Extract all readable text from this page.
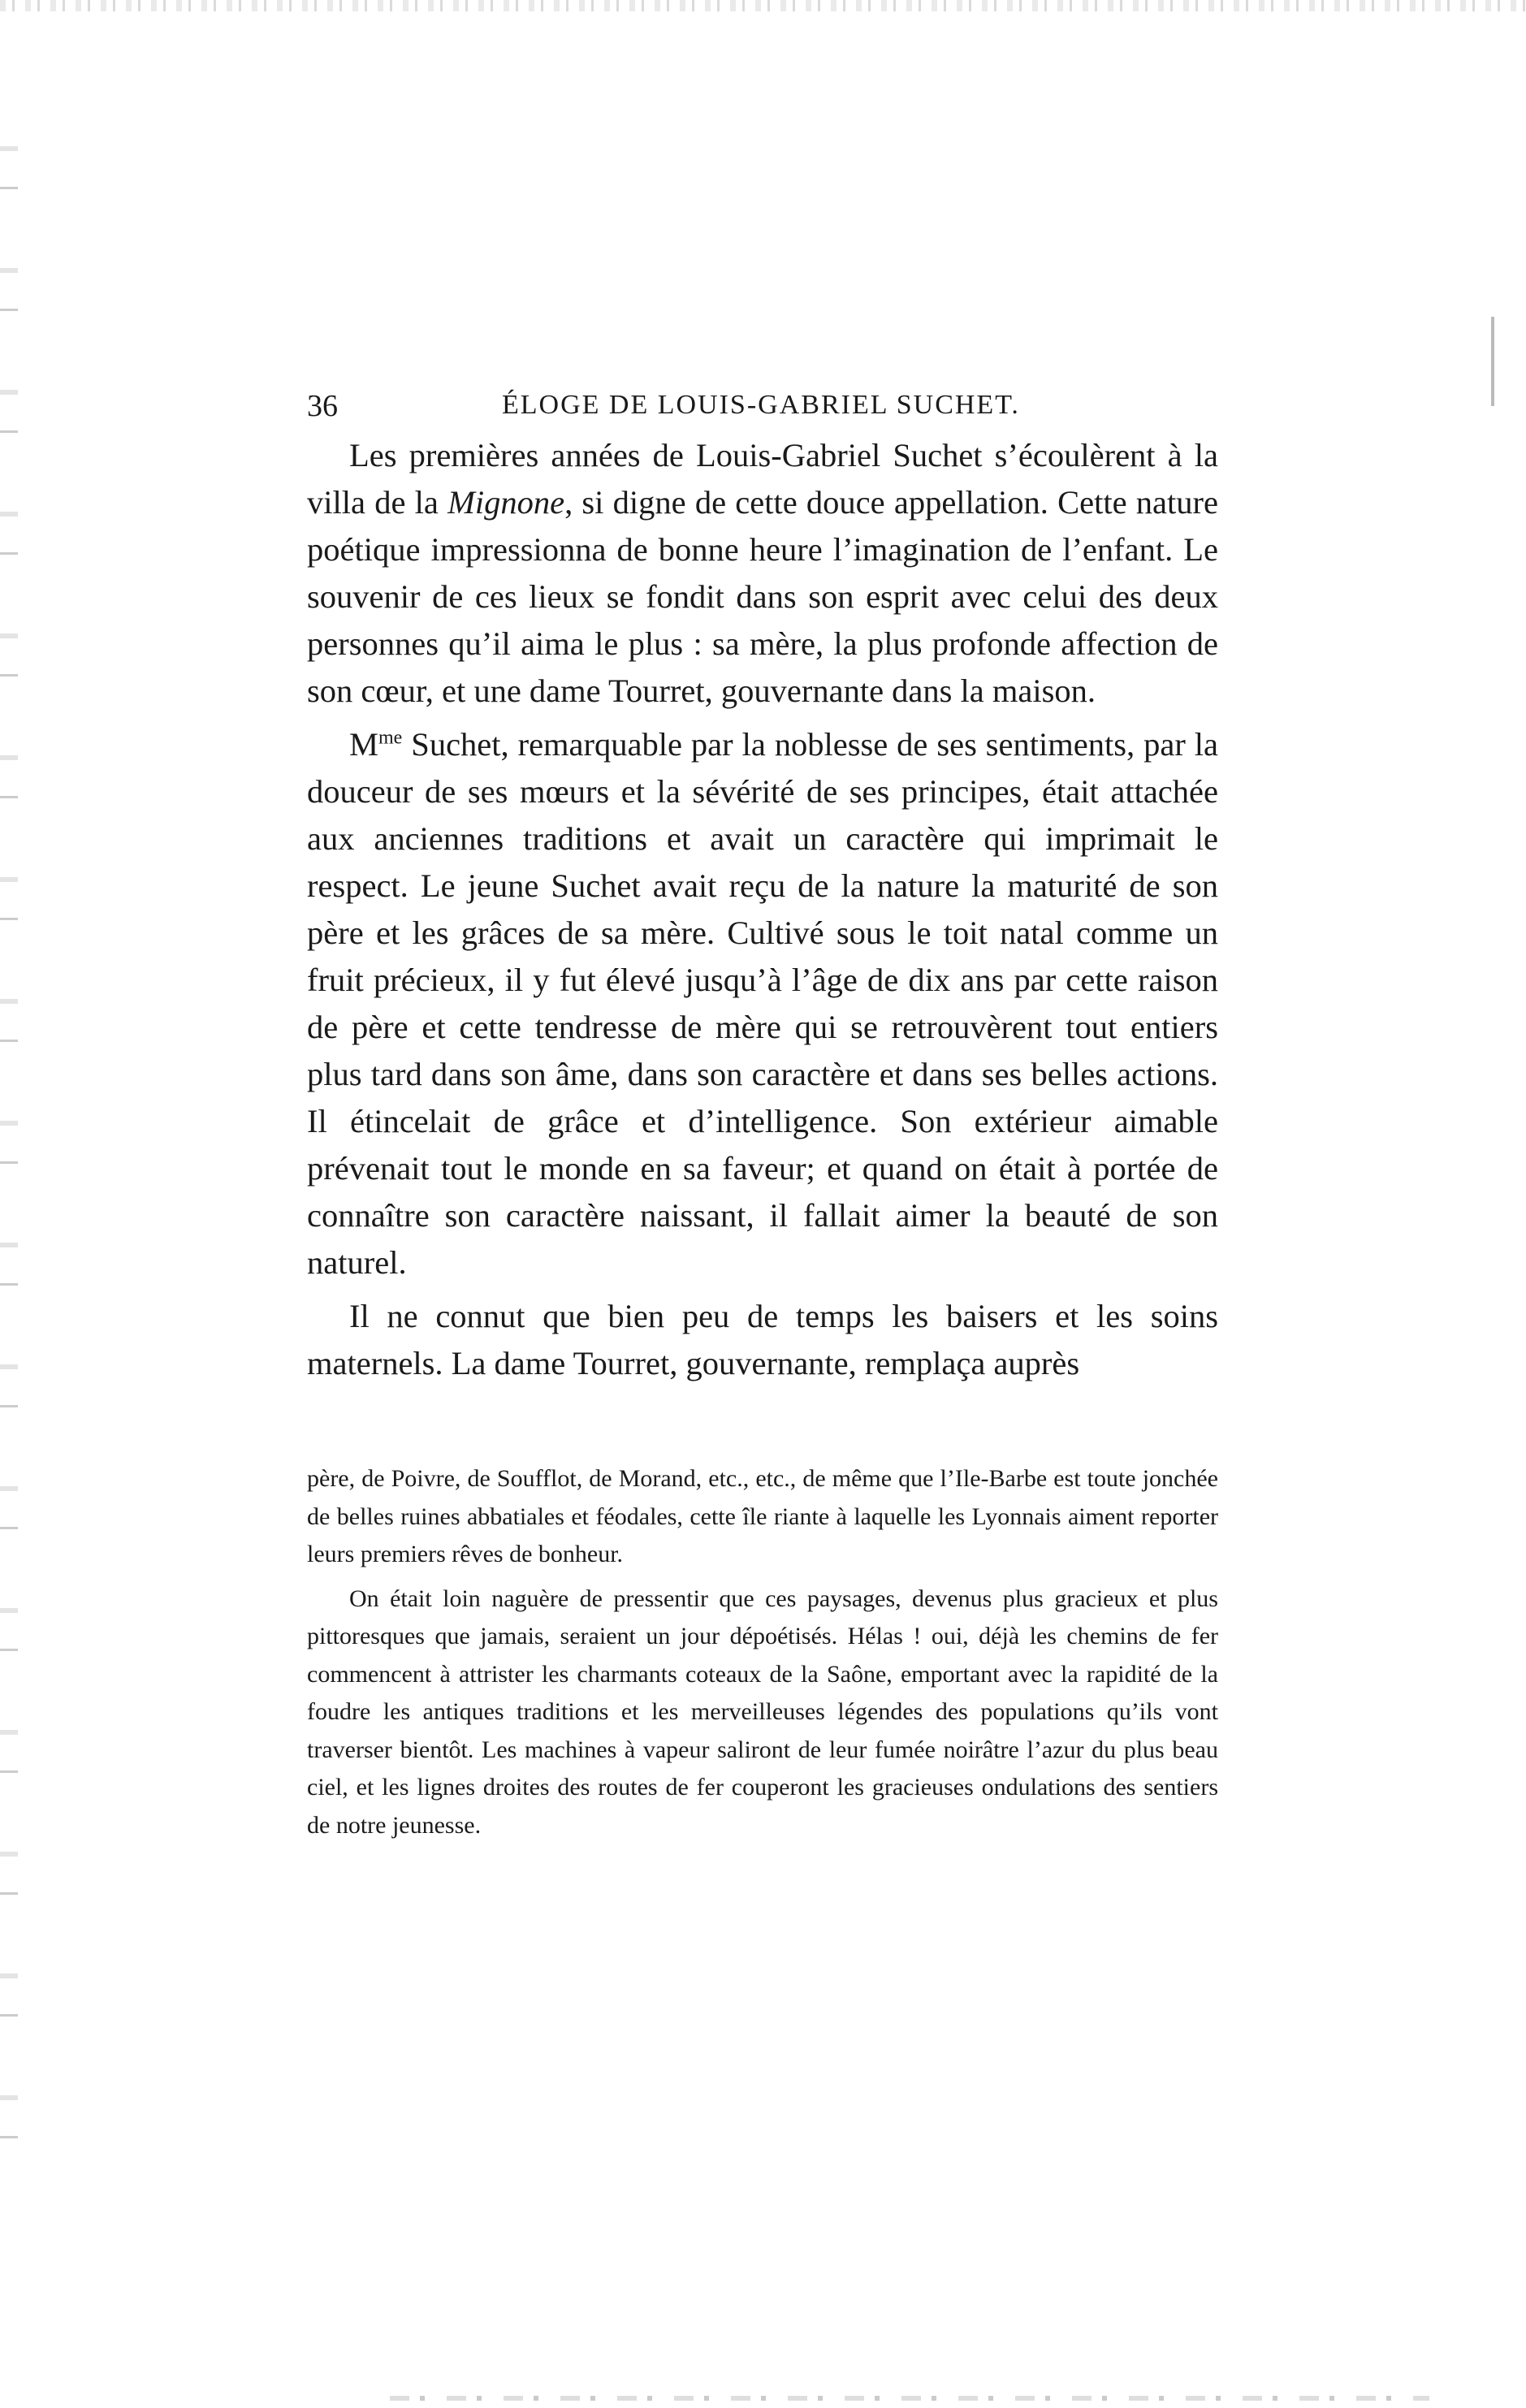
36	ÉLOGE DE LOUIS-GABRIEL SUCHET.

Les premières années de Louis-Gabriel Suchet s’écoulèrent à la villa de la Mignone, si digne de cette douce appellation. Cette nature poétique impressionna de bonne heure l’imagination de l’enfant. Le souvenir de ces lieux se fondit dans son esprit avec celui des deux personnes qu’il aima le plus : sa mère, la plus profonde affection de son cœur, et une dame Tourret, gouvernante dans la maison.

$M^{me}$ Suchet, remarquable par la noblesse de ses sentiments, par la douceur de ses mœurs et la sévérité de ses principes, était attachée aux anciennes traditions et avait un caractère qui imprimait le respect. Le jeune Suchet avait reçu de la nature la maturité de son père et les grâces de sa mère. Cultivé sous le toit natal comme un fruit précieux, il y fut élevé jusqu’à l’âge de dix ans par cette raison de père et cette tendresse de mère qui se retrouvèrent tout entiers plus tard dans son âme, dans son caractère et dans ses belles actions. Il étincelait de grâce et d’intelligence. Son extérieur aimable prévenait tout le monde en sa faveur; et quand on était à portée de connaître son caractère naissant, il fallait aimer la beauté de son naturel.

Il ne connut que bien peu de temps les baisers et les soins maternels. La dame Tourret, gouvernante, remplaça auprès

père, de Poivre, de Soufflot, de Morand, etc., etc., de même que l’Ile-Barbe est toute jonchée de belles ruines abbatiales et féodales, cette île riante à laquelle les Lyonnais aiment reporter leurs premiers rêves de bonheur.

On était loin naguère de pressentir que ces paysages, devenus plus gracieux et plus pittoresques que jamais, seraient un jour dépoétisés. Hélas ! oui, déjà les chemins de fer commencent à attrister les charmants coteaux de la Saône, emportant avec la rapidité de la foudre les antiques traditions et les merveilleuses légendes des populations qu’ils vont traverser bientôt. Les machines à vapeur saliront de leur fumée noirâtre l’azur du plus beau ciel, et les lignes droites des routes de fer couperont les gracieuses ondulations des sentiers de notre jeunesse.
